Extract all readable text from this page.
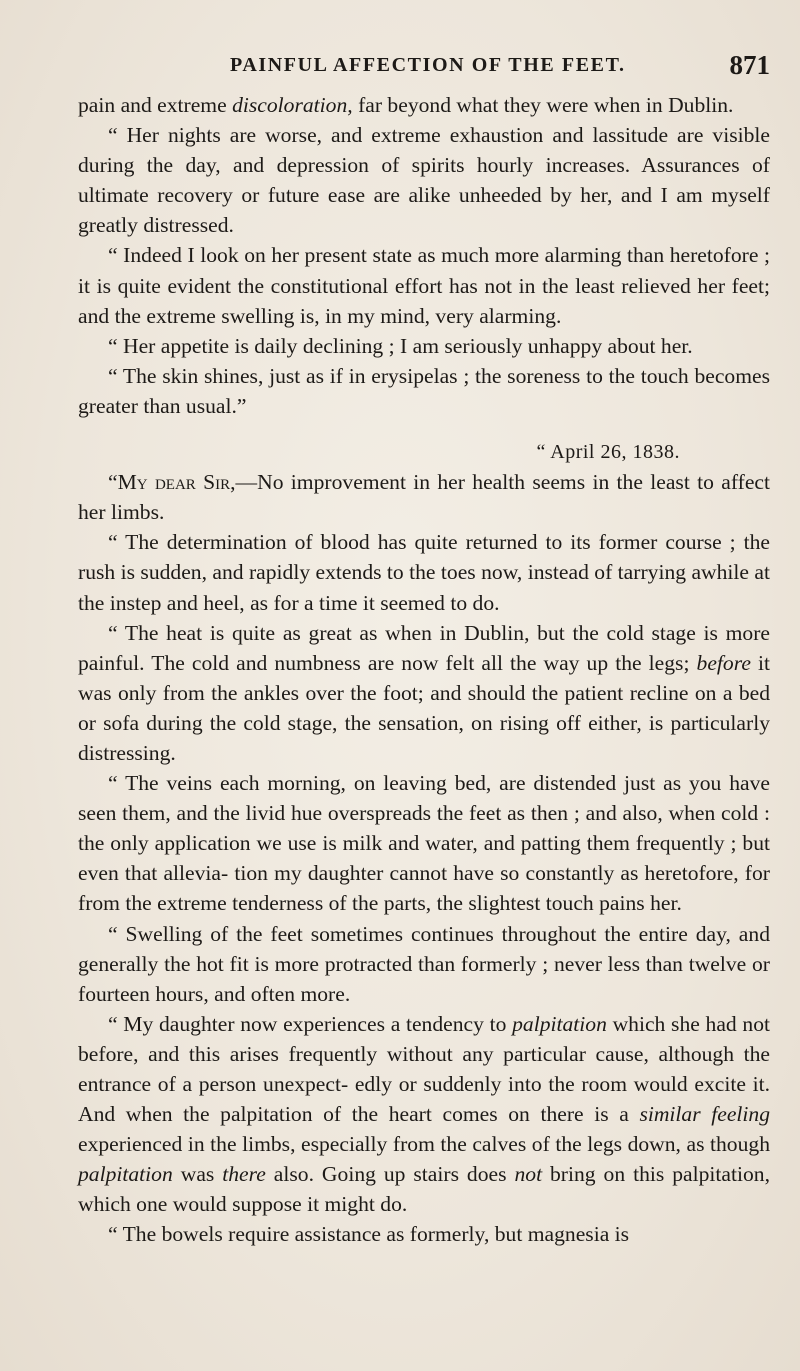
PAINFUL AFFECTION OF THE FEET.	871

pain and extreme discoloration, far beyond what they were when in Dublin.

“ Her nights are worse, and extreme exhaustion and lassitude are visible during the day, and depression of spirits hourly increases. Assurances of ultimate recovery or future ease are alike unheeded by her, and I am myself greatly distressed.

“ Indeed I look on her present state as much more alarming than heretofore ; it is quite evident the constitutional effort has not in the least relieved her feet; and the extreme swelling is, in my mind, very alarming.

“ Her appetite is daily declining ; I am seriously unhappy about her.

“ The skin shines, just as if in erysipelas ; the soreness to the touch becomes greater than usual.”

“ April 26, 1838.

“My dear Sir,—No improvement in her health seems in the least to affect her limbs.

“ The determination of blood has quite returned to its former course ; the rush is sudden, and rapidly extends to the toes now, instead of tarrying awhile at the instep and heel, as for a time it seemed to do.

“ The heat is quite as great as when in Dublin, but the cold stage is more painful. The cold and numbness are now felt all the way up the legs; before it was only from the ankles over the foot; and should the patient recline on a bed or sofa during the cold stage, the sensation, on rising off either, is particularly distressing.

“ The veins each morning, on leaving bed, are distended just as you have seen them, and the livid hue overspreads the feet as then ; and also, when cold : the only application we use is milk and water, and patting them frequently ; but even that allevia- tion my daughter cannot have so constantly as heretofore, for from the extreme tenderness of the parts, the slightest touch pains her.

“ Swelling of the feet sometimes continues throughout the entire day, and generally the hot fit is more protracted than formerly ; never less than twelve or fourteen hours, and often more.

“ My daughter now experiences a tendency to palpitation which she had not before, and this arises frequently without any particular cause, although the entrance of a person unexpect- edly or suddenly into the room would excite it. And when the palpitation of the heart comes on there is a similar feeling experienced in the limbs, especially from the calves of the legs down, as though palpitation was there also. Going up stairs does not bring on this palpitation, which one would suppose it might do.

“ The bowels require assistance as formerly, but magnesia is
